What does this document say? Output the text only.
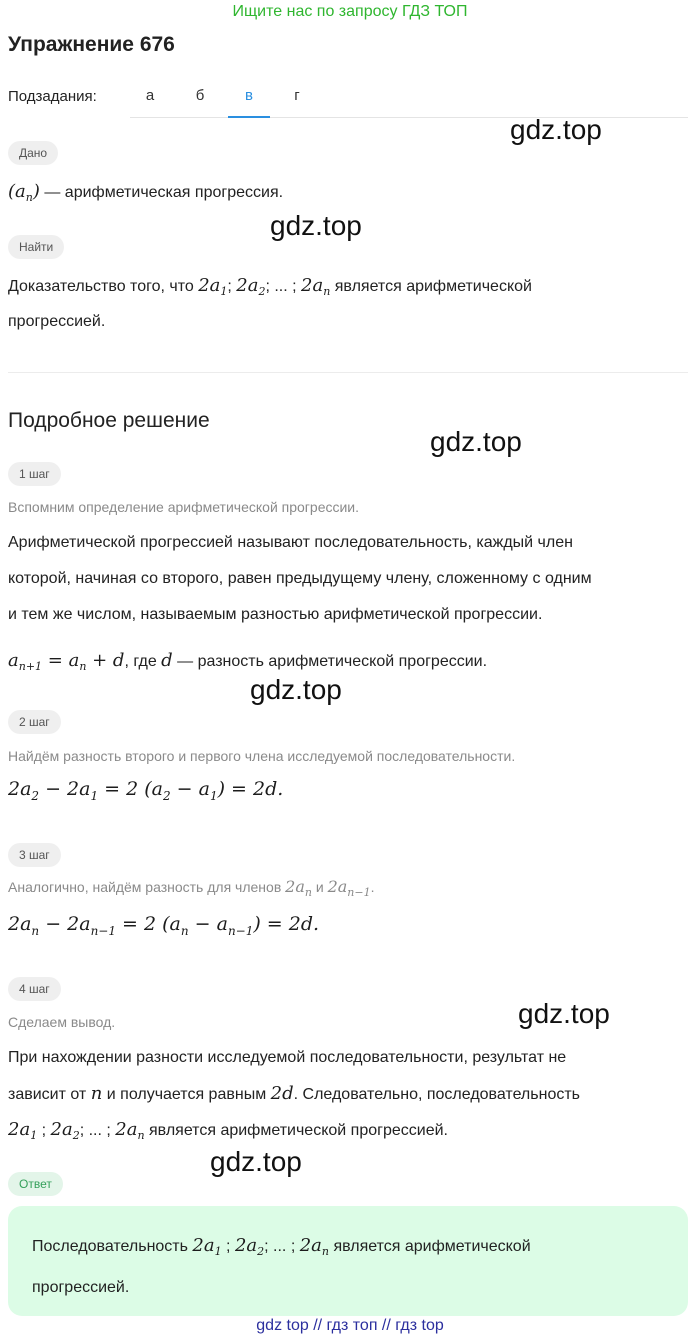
Ищите нас по запросу ГДЗ ТОП
Упражнение 676
Подзадания:	а	б	в	г
Дано
$(a_n)$ — арифметическая прогрессия.
Найти
Доказательство того, что $2a_1$; $2a_2$; ... ; $2a_n$ является арифметической
прогрессией.
Подробное решение
1 шаг
Вспомним определение арифметической прогрессии.
Арифметической прогрессией называют последовательность, каждый член
которой, начиная со второго, равен предыдущему члену, сложенному с одним
и тем же числом, называемым разностью арифметической прогрессии.
$a_{n+1} = a_n + d$, где d — разность арифметической прогрессии.
2 шаг
Найдём разность второго и первого члена исследуемой последовательности.
$2a_2 - 2a_1 = 2$ $(a_2 - a_1) = 2d$.
3 шаг
Аналогично, найдём разность для членов $2a_n$ и $2a_{n-1}$.
$2a_n - 2a_{n-1} = 2$ $(a_n - a_{n-1}) = 2d$.
4 шаг
Сделаем вывод.
При нахождении разности исследуемой последовательности, результат не
зависит от n и получается равным 2d. Следовательно, последовательность
$2a_1$ ; $2a_2$; ... ; $2a_n$ является арифметической прогрессией.
Ответ
Последовательность $2a_1$ ; $2a_2$; ... ; $2a_n$ является арифметической
прогрессией.
gdz.top
gdz.top
gdz.top
gdz.top
gdz.top
gdz.top
gdz top // гдз топ // гдз top
